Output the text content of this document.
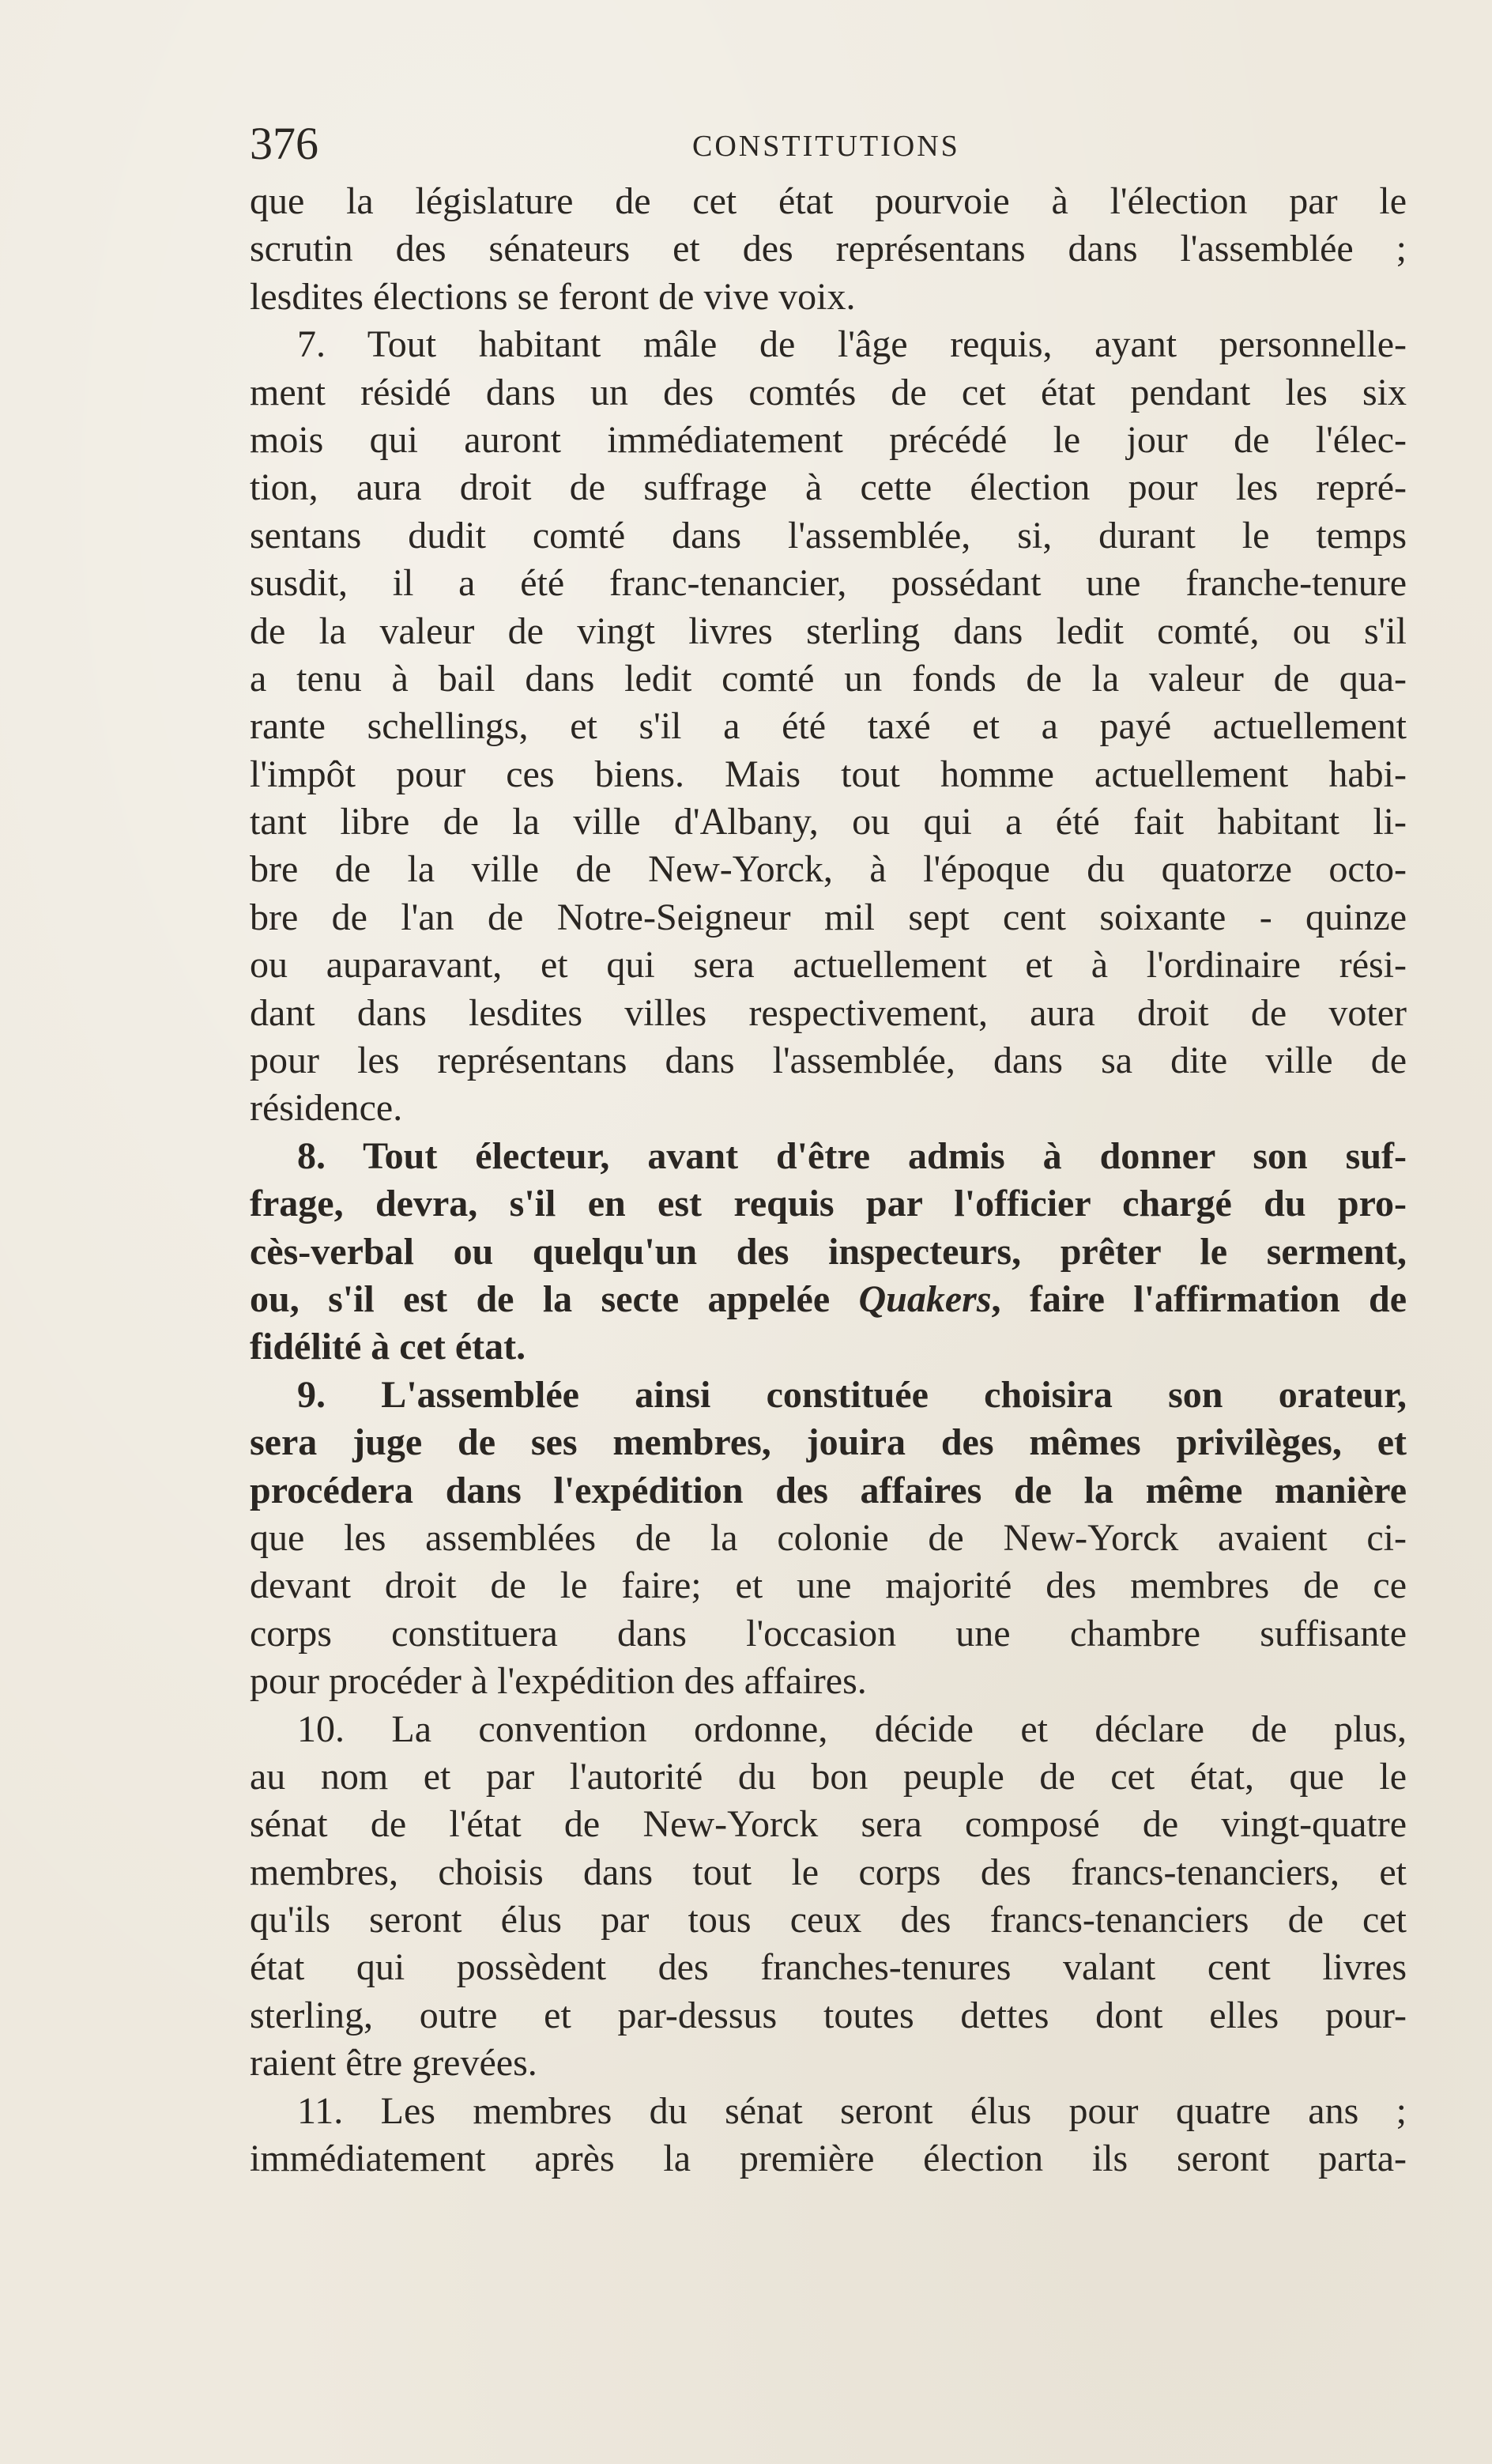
376	CONSTITUTIONS
que la législature de cet état pourvoie à l'élection par le
scrutin des sénateurs et des représentans dans l'assemblée ;
lesdites élections se feront de vive voix.
7. Tout habitant mâle de l'âge requis, ayant personnelle-
ment résidé dans un des comtés de cet état pendant les six
mois qui auront immédiatement précédé le jour de l'élec-
tion, aura droit de suffrage à cette élection pour les repré-
sentans dudit comté dans l'assemblée, si, durant le temps
susdit, il a été franc-tenancier, possédant une franche-tenure
de la valeur de vingt livres sterling dans ledit comté, ou s'il
a tenu à bail dans ledit comté un fonds de la valeur de qua-
rante schellings, et s'il a été taxé et a payé actuellement
l'impôt pour ces biens. Mais tout homme actuellement habi-
tant libre de la ville d'Albany, ou qui a été fait habitant li-
bre de la ville de New-Yorck, à l'époque du quatorze octo-
bre de l'an de Notre-Seigneur mil sept cent soixante - quinze
ou auparavant, et qui sera actuellement et à l'ordinaire rési-
dant dans lesdites villes respectivement, aura droit de voter
pour les représentans dans l'assemblée, dans sa dite ville de
résidence.
8. Tout électeur, avant d'être admis à donner son suf-
frage, devra, s'il en est requis par l'officier chargé du pro-
cès-verbal ou quelqu'un des inspecteurs, prêter le serment,
ou, s'il est de la secte appelée Quakers, faire l'affirmation de
fidélité à cet état.
9. L'assemblée ainsi constituée choisira son orateur,
sera juge de ses membres, jouira des mêmes privilèges, et
procédera dans l'expédition des affaires de la même manière
que les assemblées de la colonie de New-Yorck avaient ci-
devant droit de le faire; et une majorité des membres de ce
corps constituera dans l'occasion une chambre suffisante
pour procéder à l'expédition des affaires.
10. La convention ordonne, décide et déclare de plus,
au nom et par l'autorité du bon peuple de cet état, que le
sénat de l'état de New-Yorck sera composé de vingt-quatre
membres, choisis dans tout le corps des francs-tenanciers, et
qu'ils seront élus par tous ceux des francs-tenanciers de cet
état qui possèdent des franches-tenures valant cent livres
sterling, outre et par-dessus toutes dettes dont elles pour-
raient être grevées.
11. Les membres du sénat seront élus pour quatre ans ;
immédiatement après la première élection ils seront parta-
